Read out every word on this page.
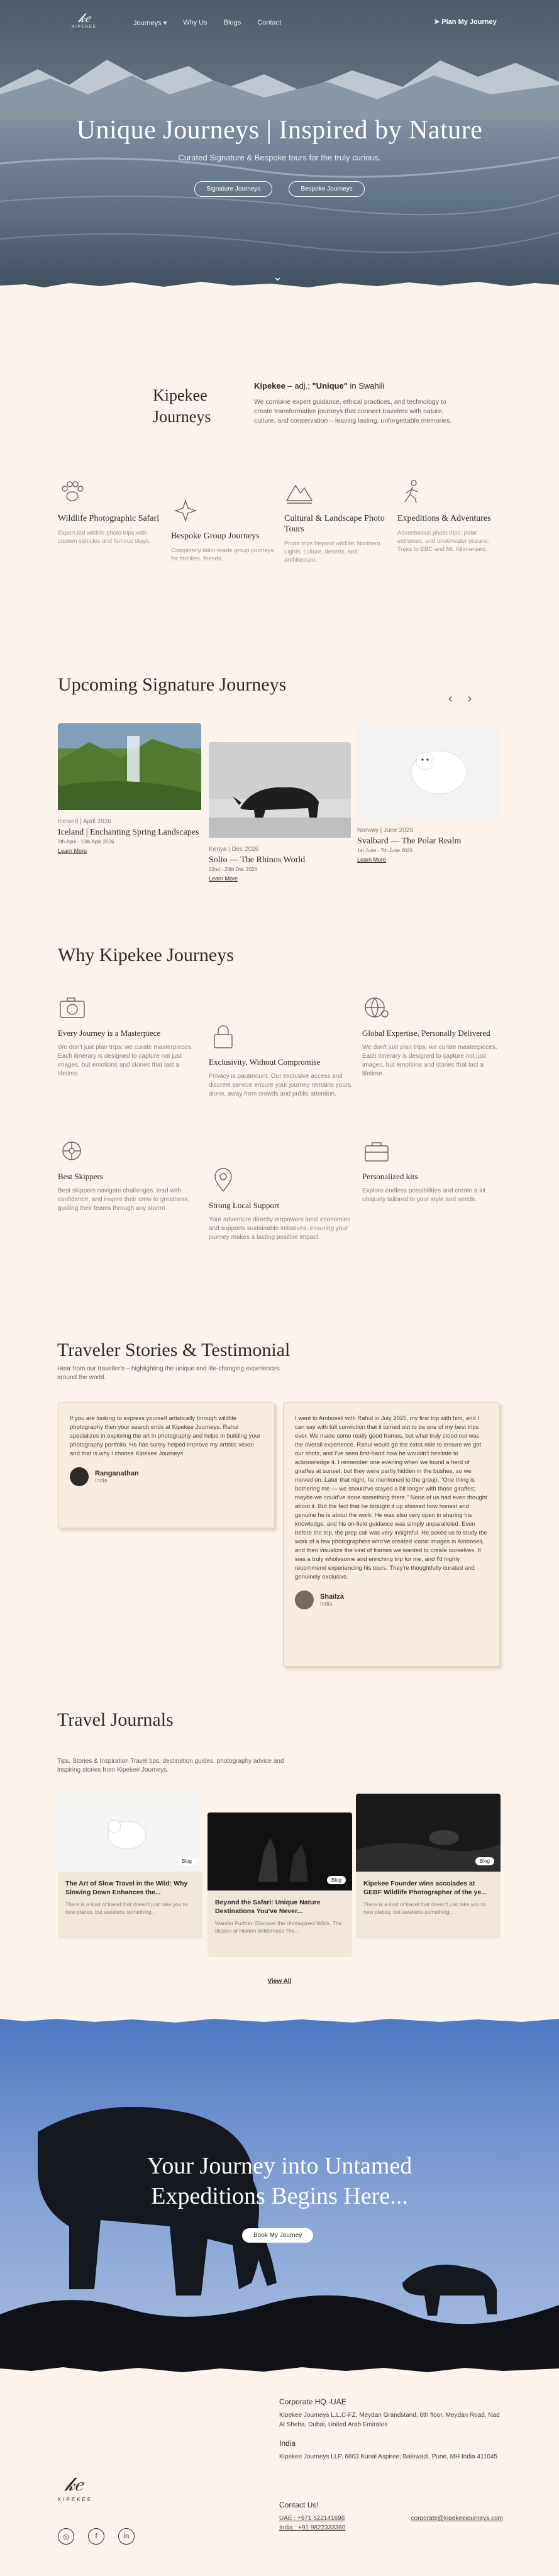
𝓀𝑒
KIPEKEE	Journeys ▾ Why Us Blogs Contact	➤ Plan My Journey
Unique Journeys | Inspired by Nature
Curated Signature & Bespoke tours for the truly curious.
Signature Journeys	Bespoke Journeys
⌄
Kipekee
Journeys
Kipekee – adj.; "Unique" in Swahili
We combine expert guidance, ethical practices, and technology to create transformative journeys that connect travelers with nature, culture, and conservation – leaving lasting, unforgettable memories.
Wildlife Photographic Safari
Expert-led wildlife photo trips with custom vehicles and famous stays.
Bespoke Group Journeys
Completely tailor-made group journeys for families, friends.
Cultural & Landscape Photo Tours
Photo trips beyond wildlife: Northern Lights, culture, deserts, and architecture.
Expeditions & Adventures
Adventurous photo trips: polar extremes, and underwater oceans. Treks to EBC and Mt. Kilimanjaro.
Upcoming Signature Journeys
‹ ›
Iceland | April 2026
Iceland | Enchanting Spring Landscapes
9th April - 15th April 2026
Learn More	Kenya | Dec 2026
Solio — The Rhinos World
22nd - 26th Dec 2026
Learn More
Norway | June 2026
Svalbard — The Polar Realm
1st June - 7th June 2026
Learn More
Why Kipekee Journeys
Every Journey is a Masterpiece
We don't just plan trips; we curate masterpieces. Each itinerary is designed to capture not just images, but emotions and stories that last a lifetime.
Exclusivity, Without Compromise
Privacy is paramount. Our exclusive access and discreet service ensure your journey remains yours alone, away from crowds and public attention.
Global Expertise, Personally Delivered
We don't just plan trips; we curate masterpieces. Each itinerary is designed to capture not just images, but emotions and stories that last a lifetime.
Best Skippers
Best skippers navigate challenges, lead with confidence, and inspire their crew to greatness, guiding their teams through any storm!	Strong Local Support
Your adventure directly empowers local economies and supports sustainable initiatives, ensuring your journey makes a lasting positive impact.
Personalized kits
Explore endless possibilities and create a kit uniquely tailored to your style and needs.
Traveler Stories & Testimonial
Hear from our traveller's – highlighting the unique and life-changing experiences around the world.
If you are looking to express yourself artistically through wildlife photography then your search ends at Kipekee Journeys. Rahul specializes in exploring the art in photography and helps in building your photography portfolio. He has surely helped improve my artistic vision and that is why I choose Kipekee Journeys.
Ranganathan
India
I went to Amboseli with Rahul in July 2025, my first trip with him, and I can say with full conviction that it turned out to be one of my best trips ever. We made some really good frames, but what truly stood out was the overall experience. Rahul would go the extra mile to ensure we got our shots, and I've seen first-hand how he wouldn't hesitate to acknowledge it. I remember one evening when we found a herd of giraffes at sunset, but they were partly hidden in the bushes, so we moved on. Later that night, he mentioned to the group, "One thing is bothering me — we should've stayed a bit longer with those giraffes; maybe we could've done something there." None of us had even thought about it. But the fact that he brought it up showed how honest and genuine he is about the work. He was also very open in sharing his knowledge, and his on-field guidance was simply unparalleled. Even before the trip, the prep call was very insightful. He asked us to study the work of a few photographers who've created iconic images in Amboseli, and then visualize the kind of frames we wanted to create ourselves. It was a truly wholesome and enriching trip for me, and I'd highly recommend experiencing his tours. They're thoughtfully curated and genuinely exclusive.
Shailza
India
Travel Journals
Tips, Stories & Inspiration Travel tips, destination guides, photography advice and inspiring stories from Kipekee Journeys.
Blog
The Art of Slow Travel in the Wild: Why Slowing Down Enhances the...
There is a kind of travel that doesn't just take you to new places, but awakens something...
Blog
Beyond the Safari: Unique Nature Destinations You've Never...
Wander Further: Discover the Unimagined Wilds. The Illusion of Hidden Wilderness The...
Blog
Kipekee Founder wins accolades at GEBF Wildlife Photographer of the ye...
There is a kind of travel that doesn't just take you to new places, but awakens something...
View All
Your Journey into Untamed
Expeditions Begins Here...
Book My Journey
Corporate HQ -UAE
Kipekee Journeys L.L.C-FZ, Meydan Grandstand, 6th floor, Meydan Road, Nad Al Sheba, Dubai, United Arab Emirates
India
Kipekee Journeys LLP, 6803 Kunal Aspiree, Balewadi, Pune, MH India 411045
Contact Us!
UAE : +971 522141696
India : +91 9822333360
corporate@kipekeejourneys.com
𝓀𝑒
KIPEKEE
◎	f	in
